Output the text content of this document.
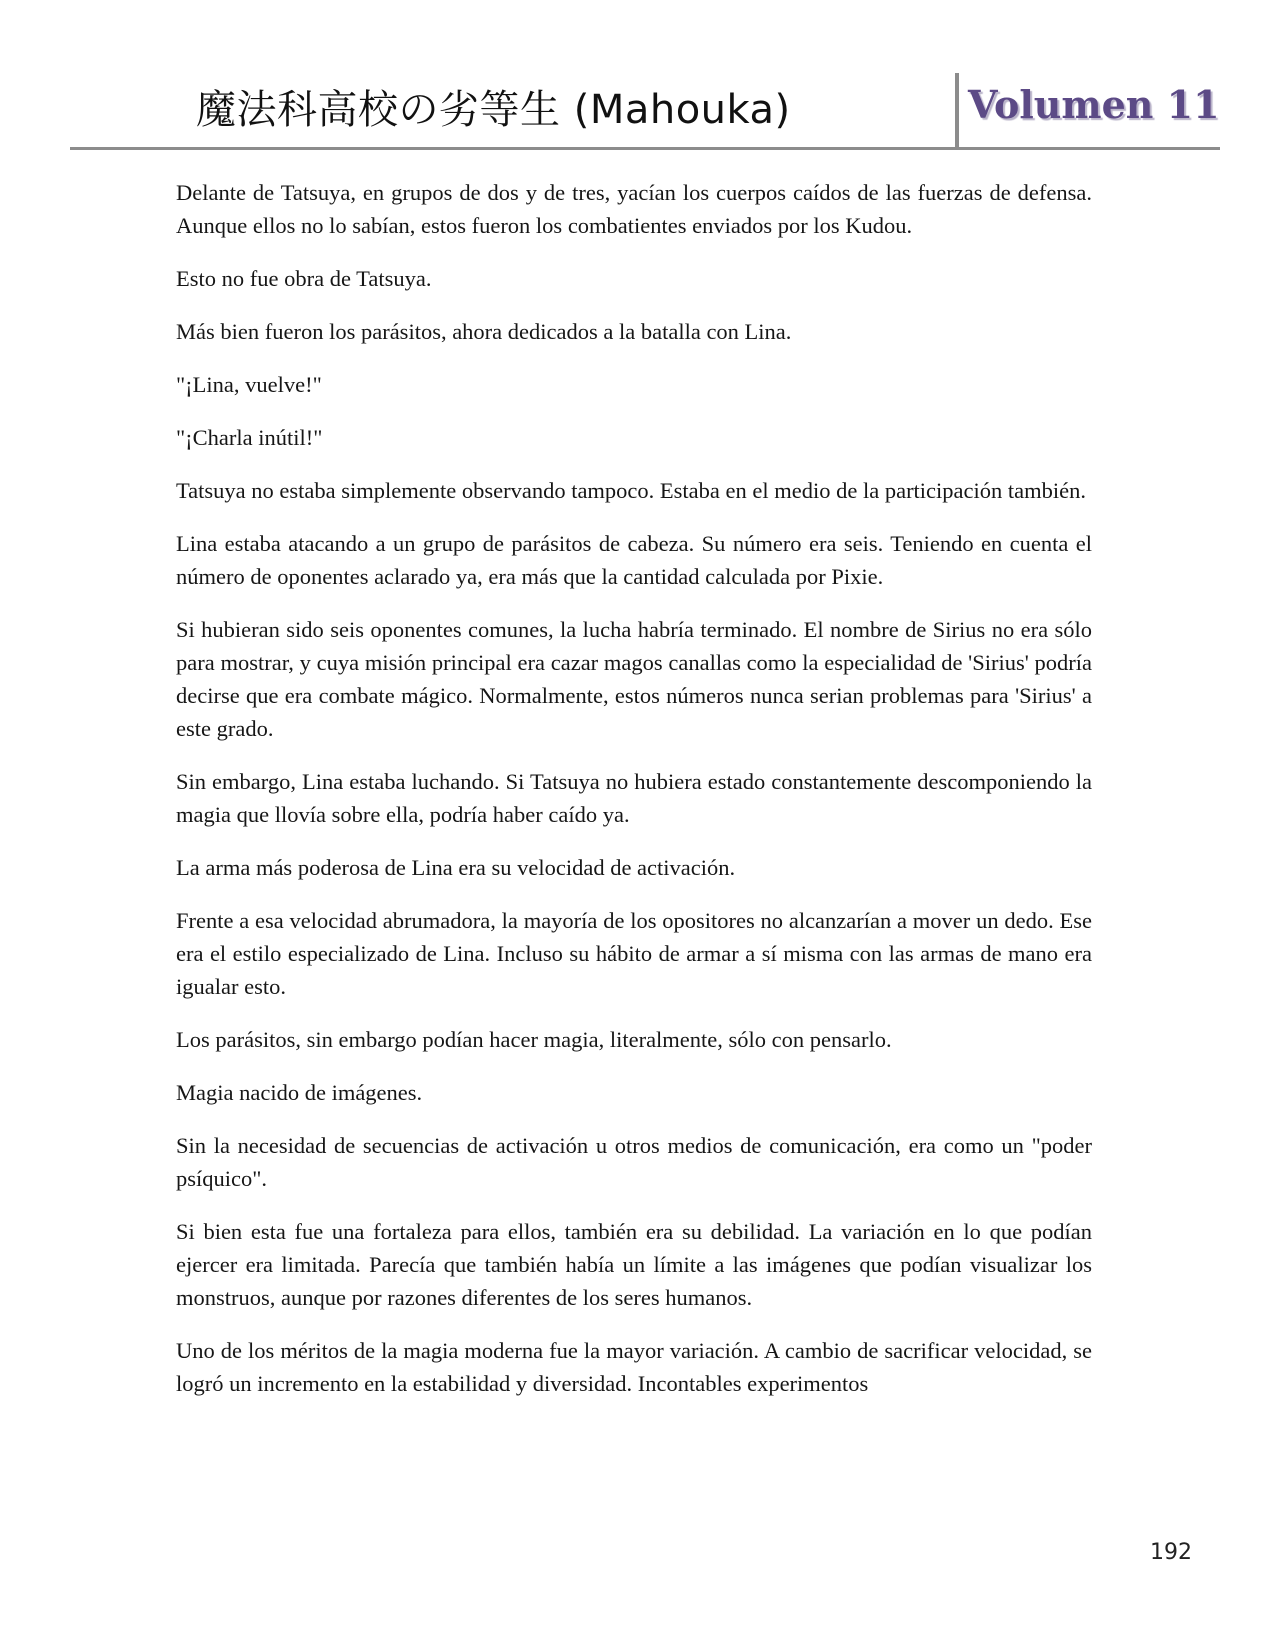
魔法科高校の劣等生 (Mahouka)	Volumen 11

Delante de Tatsuya, en grupos de dos y de tres, yacían los cuerpos caídos de las fuerzas de defensa. Aunque ellos no lo sabían, estos fueron los combatientes enviados por los Kudou.

Esto no fue obra de Tatsuya.

Más bien fueron los parásitos, ahora dedicados a la batalla con Lina.

"¡Lina, vuelve!"

"¡Charla inútil!"

Tatsuya no estaba simplemente observando tampoco. Estaba en el medio de la participación también.

Lina estaba atacando a un grupo de parásitos de cabeza. Su número era seis. Teniendo en cuenta el número de oponentes aclarado ya, era más que la cantidad calculada por Pixie.

Si hubieran sido seis oponentes comunes, la lucha habría terminado. El nombre de Sirius no era sólo para mostrar, y cuya misión principal era cazar magos canallas como la especialidad de 'Sirius' podría decirse que era combate mágico. Normalmente, estos números nunca serian problemas para 'Sirius' a este grado.

Sin embargo, Lina estaba luchando. Si Tatsuya no hubiera estado constantemente descomponiendo la magia que llovía sobre ella, podría haber caído ya.

La arma más poderosa de Lina era su velocidad de activación.

Frente a esa velocidad abrumadora, la mayoría de los opositores no alcanzarían a mover un dedo. Ese era el estilo especializado de Lina. Incluso su hábito de armar a sí misma con las armas de mano era igualar esto.

Los parásitos, sin embargo podían hacer magia, literalmente, sólo con pensarlo.

Magia nacido de imágenes.

Sin la necesidad de secuencias de activación u otros medios de comunicación, era como un "poder psíquico".

Si bien esta fue una fortaleza para ellos, también era su debilidad. La variación en lo que podían ejercer era limitada. Parecía que también había un límite a las imágenes que podían visualizar los monstruos, aunque por razones diferentes de los seres humanos.

Uno de los méritos de la magia moderna fue la mayor variación. A cambio de sacrificar velocidad, se logró un incremento en la estabilidad y diversidad. Incontables experimentos

192
